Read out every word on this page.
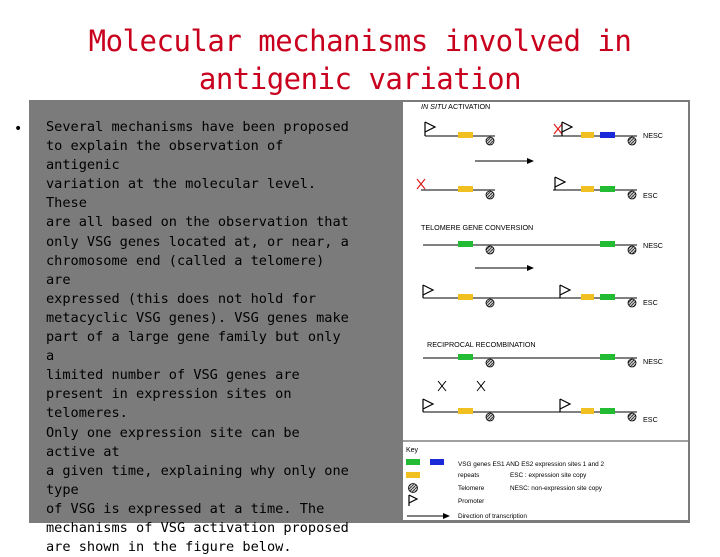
Molecular mechanisms involved in
antigenic variation
• Several mechanisms have been proposed
to explain the observation of antigenic
variation at the molecular level. These
are all based on the observation that
only VSG genes located at, or near, a
chromosome end (called a telomere) are
expressed (this does not hold for
metacyclic VSG genes). VSG genes make
part of a large gene family but only a
limited number of VSG genes are
present in expression sites on telomeres.
Only one expression site can be active at
a given time, explaining why only one type
of VSG is expressed at a time. The
mechanisms of VSG activation proposed
are shown in the figure below.

IN SITU ACTIVATION
NESC
ESC
TELOMERE GENE CONVERSION
NESC
ESC
RECIPROCAL RECOMBINATION
NESC
ESC
Key
VSG genes ES1 AND ES2 expression sites 1 and 2
repeats	ESC : expression site copy
Telomere	NESC: non-expression site copy
Promoter
Direction of transcription
